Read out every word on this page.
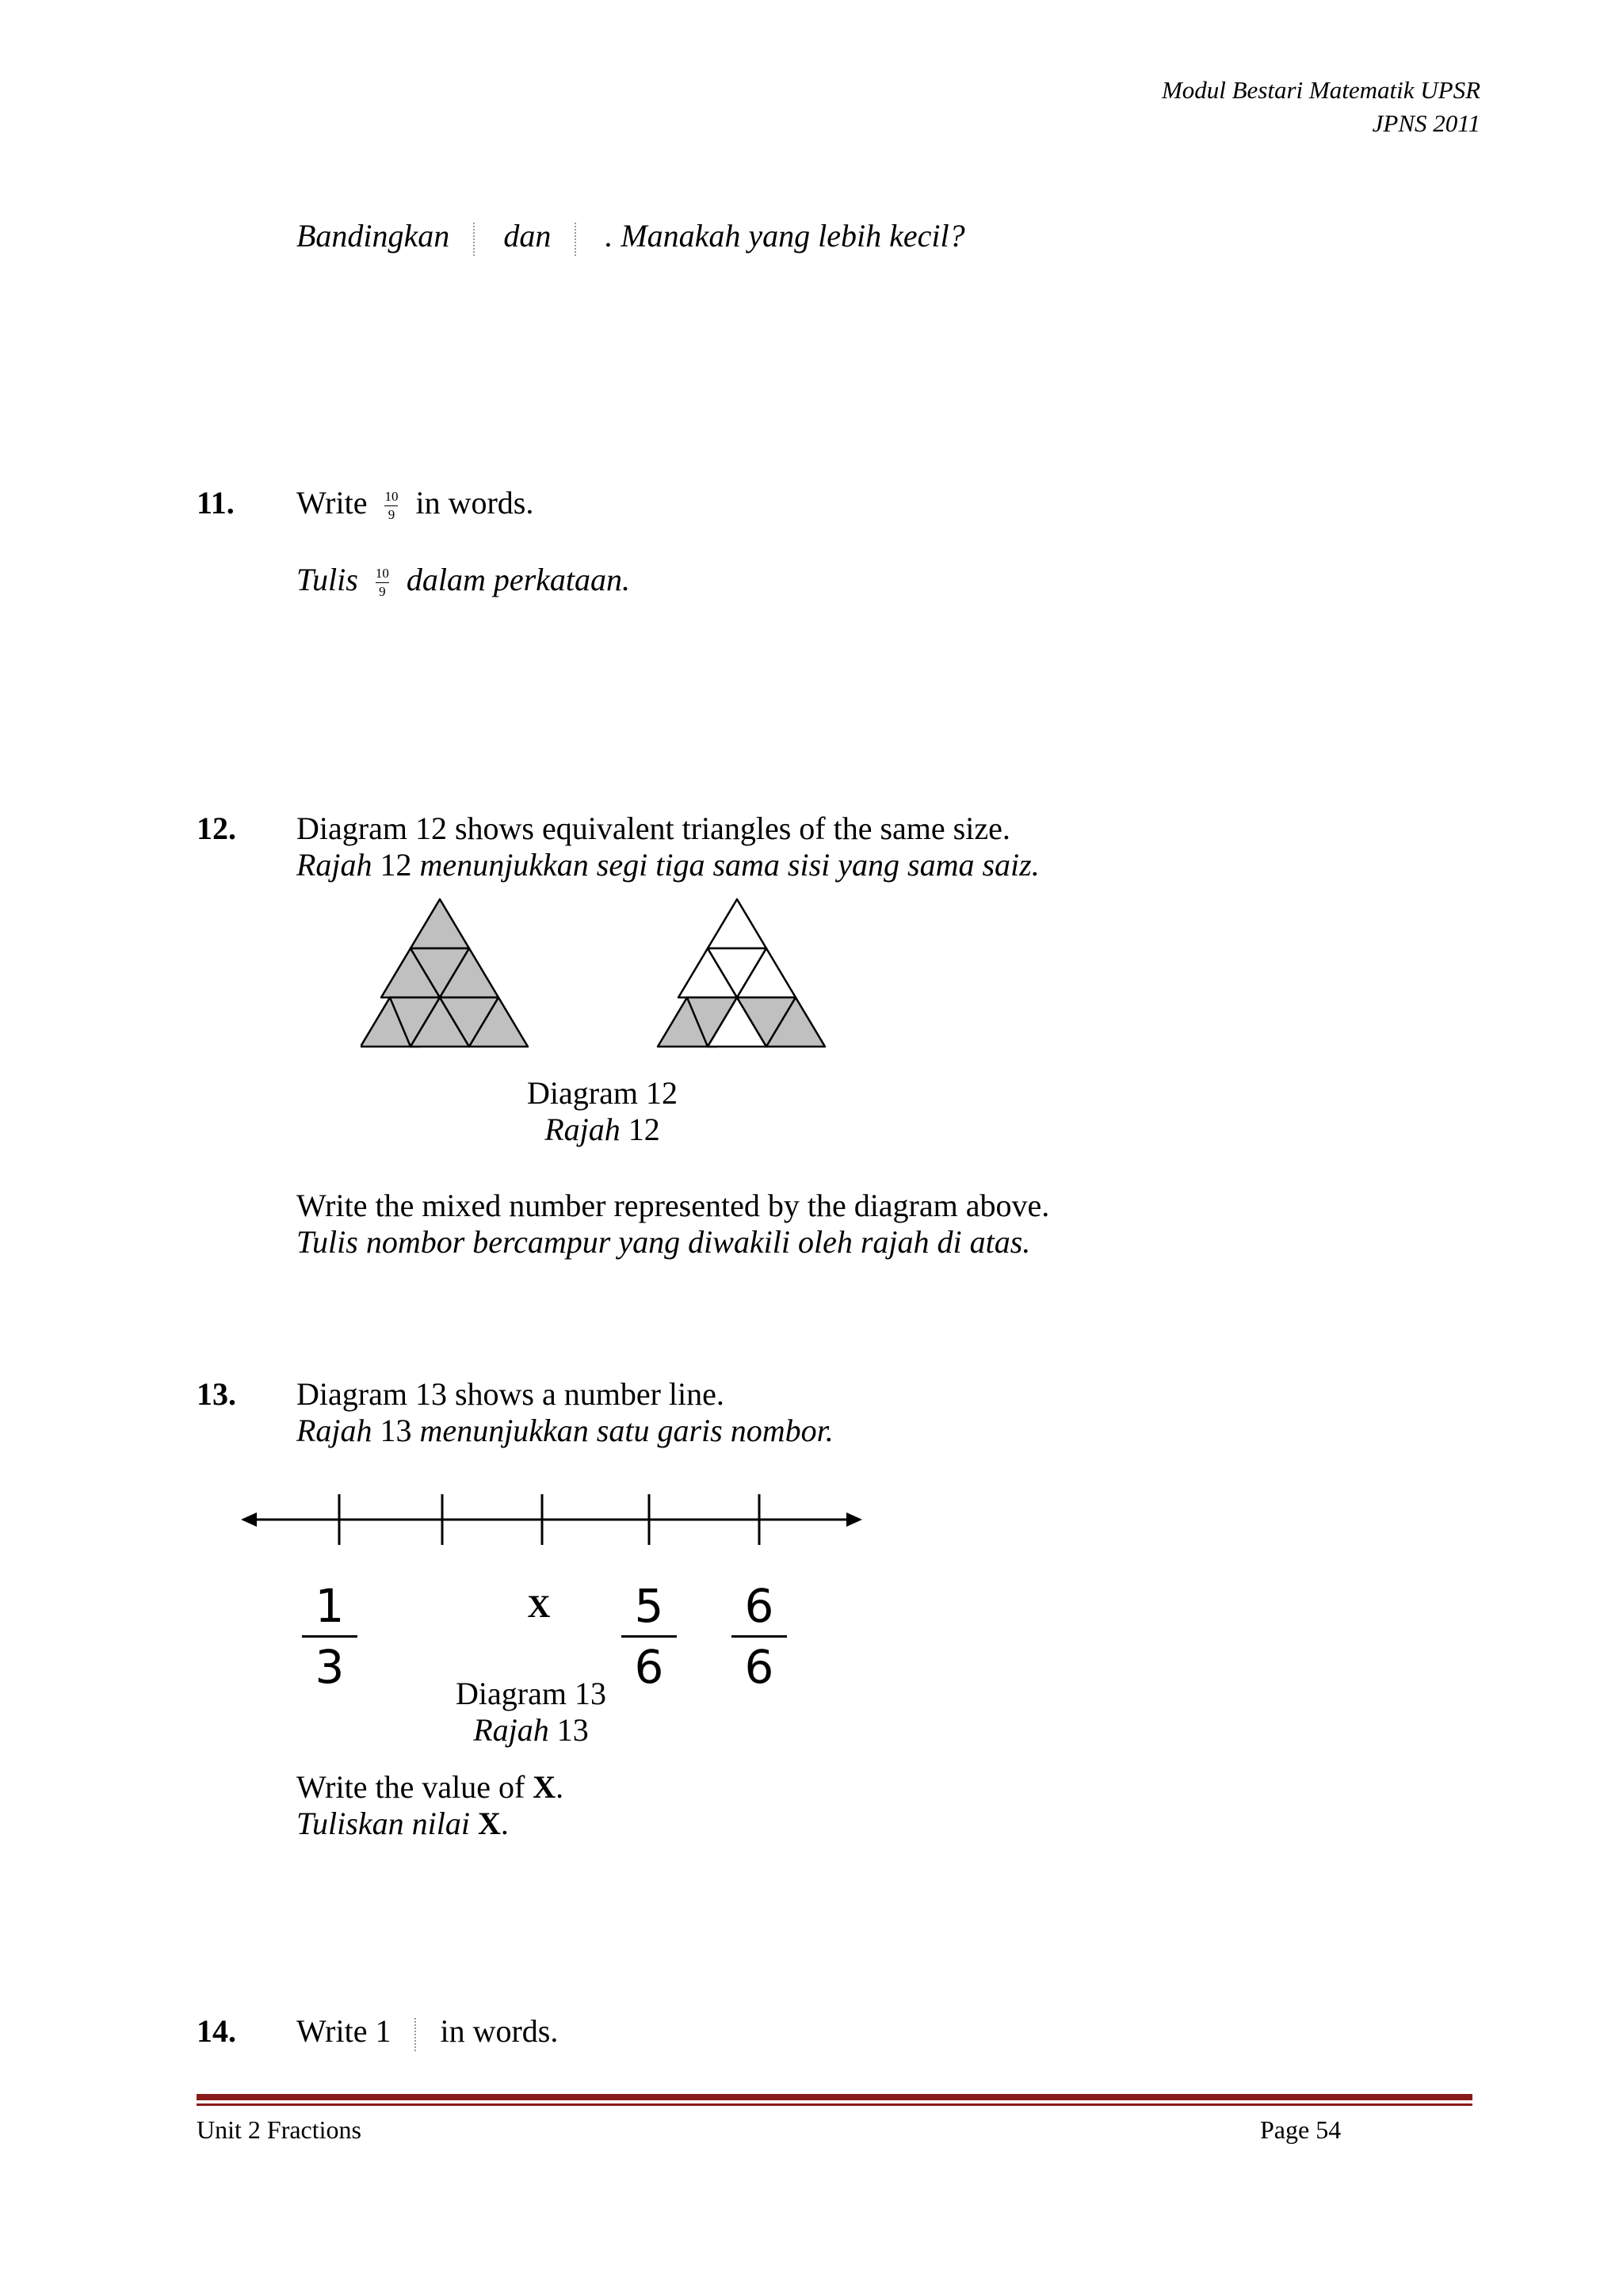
Modul Bestari Matematik UPSR
JPNS 2011
Bandingkan dan . Manakah yang lebih kecil?
11. Write $\frac{10}{9}$ in words.
Tulis $\frac{10}{9}$ dalam perkataan.
12. Diagram 12 shows equivalent triangles of the same size.
Rajah 12 menunjukkan segi tiga sama sisi yang sama saiz.
Diagram 12
Rajah 12
Write the mixed number represented by the diagram above.
Tulis nombor bercampur yang diwakili oleh rajah di atas.
13. Diagram 13 shows a number line.
Rajah 13 menunjukkan satu garis nombor.
1
3
X 5
6
6
6
Diagram 13
Rajah 13
Write the value of X.
Tuliskan nilai X.
14. Write 1 in words.
Unit 2 Fractions	Page 54
